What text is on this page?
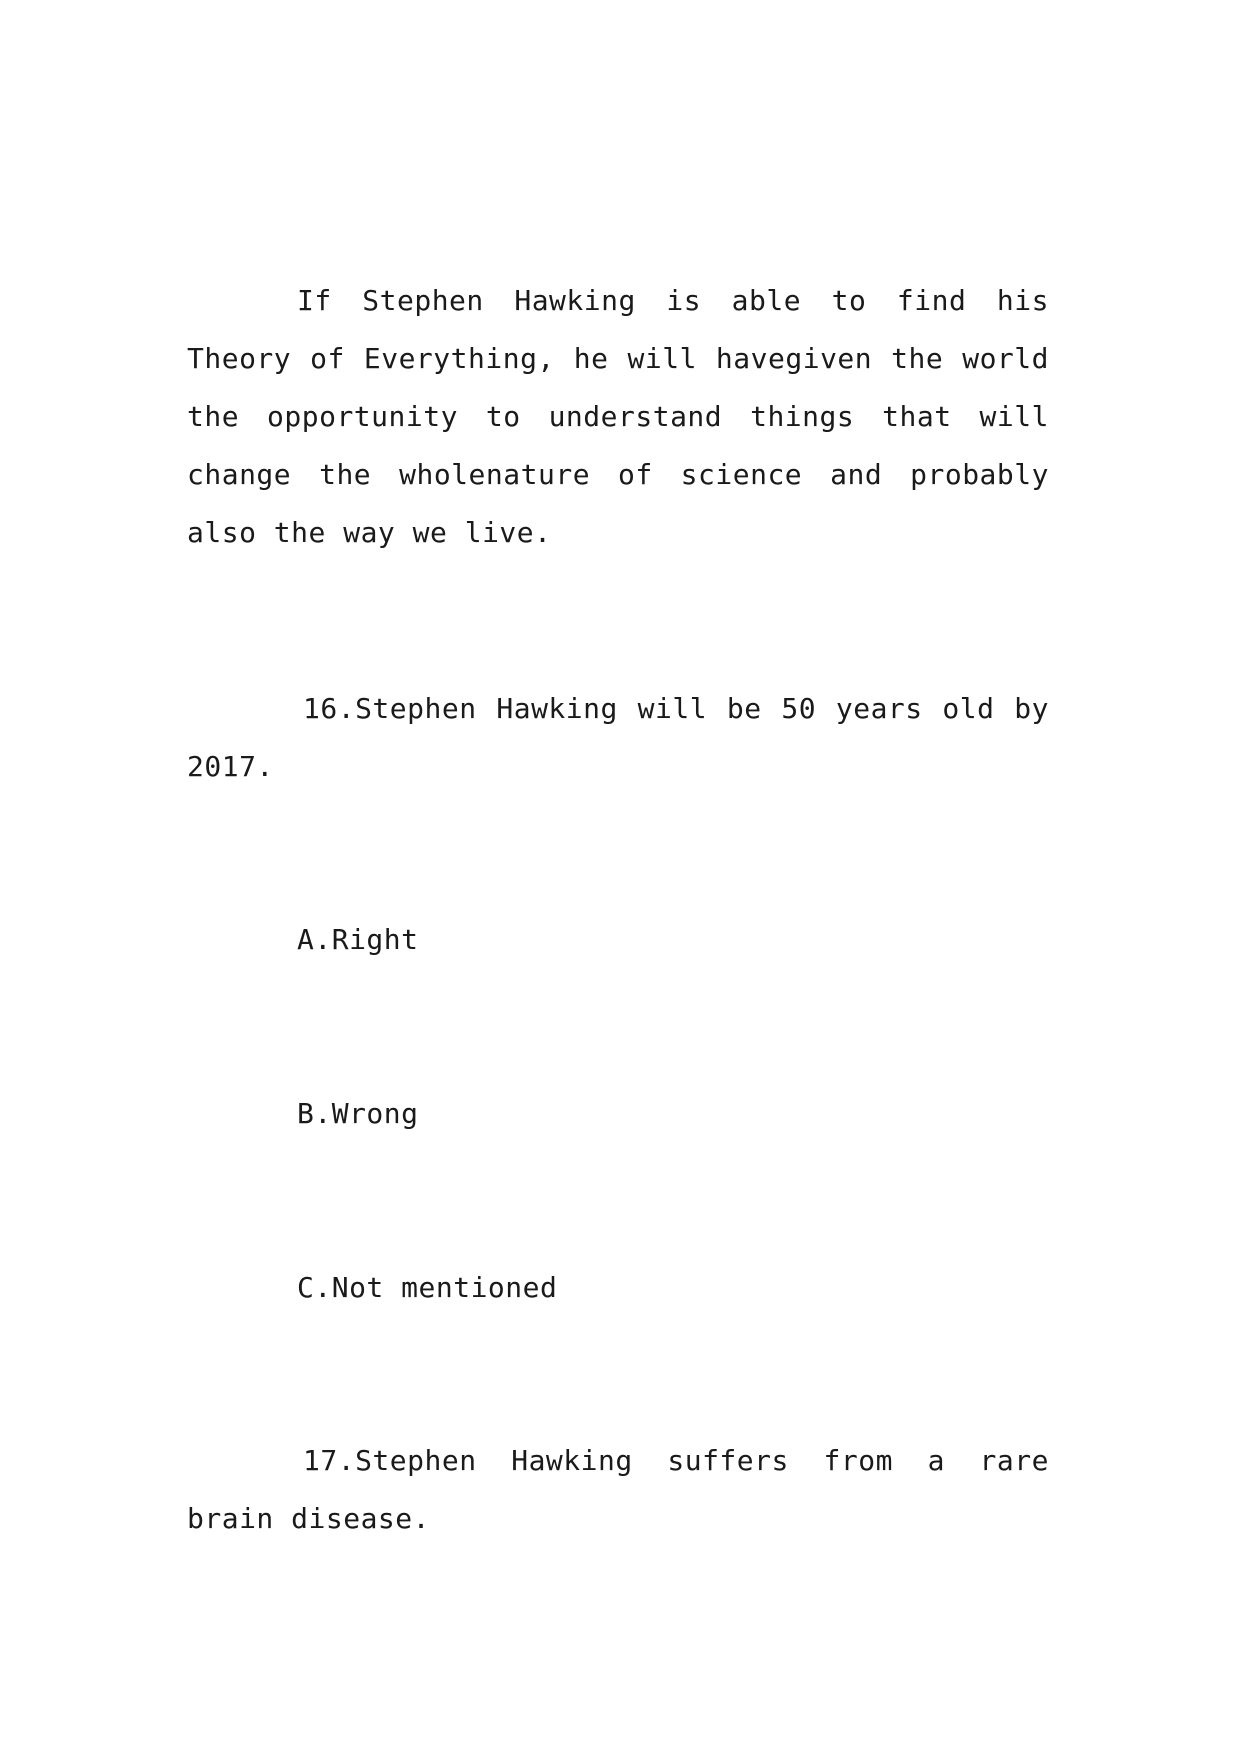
If Stephen Hawking is able to find his Theory of Everything, he will havegiven the world the opportunity to understand things that will change the wholenature of science and probably also the way we live.

16.Stephen Hawking will be 50 years old by 2017.

A.Right

B.Wrong

C.Not mentioned

17.Stephen Hawking suffers from a rare brain disease.
